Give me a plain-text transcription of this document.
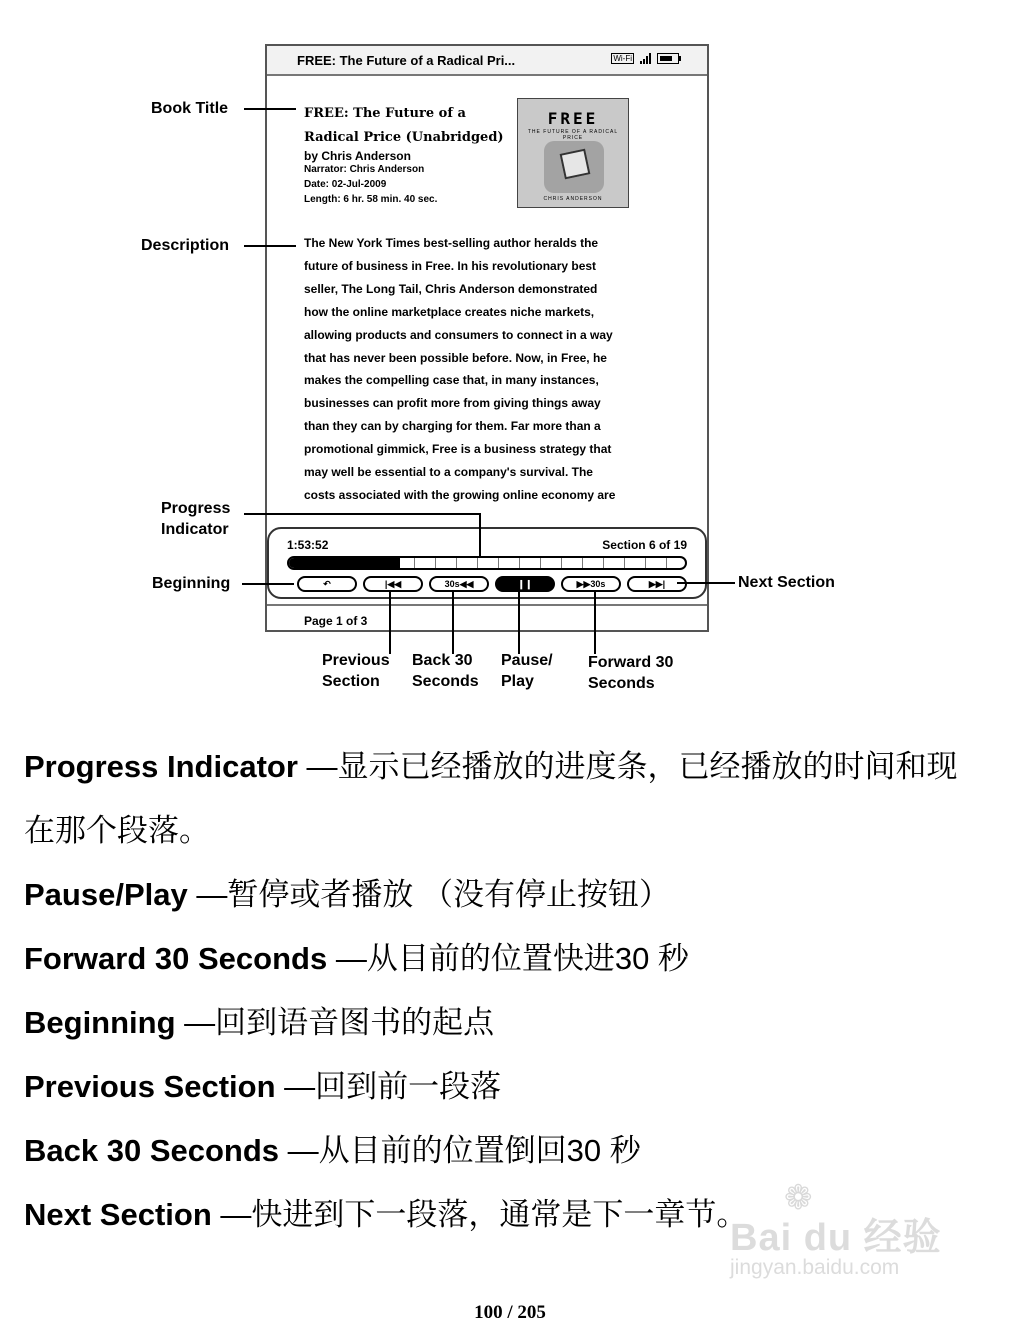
FREE: The Future of a Radical Pri...	Wi-Fi
FREE: The Future of a Radical Price (Unabridged)
by Chris Anderson
Narrator: Chris Anderson
Date: 02-Jul-2009
Length: 6 hr. 58 min. 40 sec.
FREE
THE FUTURE OF A RADICAL PRICE
CHRIS ANDERSON
The New York Times best-selling author heralds the
future of business in Free. In his revolutionary best
seller, The Long Tail, Chris Anderson demonstrated
how the online marketplace creates niche markets,
allowing products and consumers to connect in a way
that has never been possible before. Now, in Free, he
makes the compelling case that, in many instances,
businesses can profit more from giving things away
than they can by charging for them. Far more than a
promotional gimmick, Free is a business strategy that
may well be essential to a company's survival. The
costs associated with the growing online economy are
1:53:52	Section 6 of 19
↶	|◀◀	30s◀◀	❙❙	▶▶30s	▶▶|
Page 1 of 3
Book Title
Description
Progress
Indicator
Beginning	Next Section
Previous
Section
Back 30
Seconds
Pause/
Play
Forward 30
Seconds
Progress Indicator —显示已经播放的进度条，已经播放的时间和现
在那个段落。
Pause/Play —暂停或者播放 （没有停止按钮）
Forward 30 Seconds —从目前的位置快进30 秒
Beginning —回到语音图书的起点
Previous Section —回到前一段落
Back 30 Seconds —从目前的位置倒回30 秒
Next Section —快进到下一段落，通常是下一章节。 ❁
Bai du 经验
jingyan.baidu.com
100 / 205
